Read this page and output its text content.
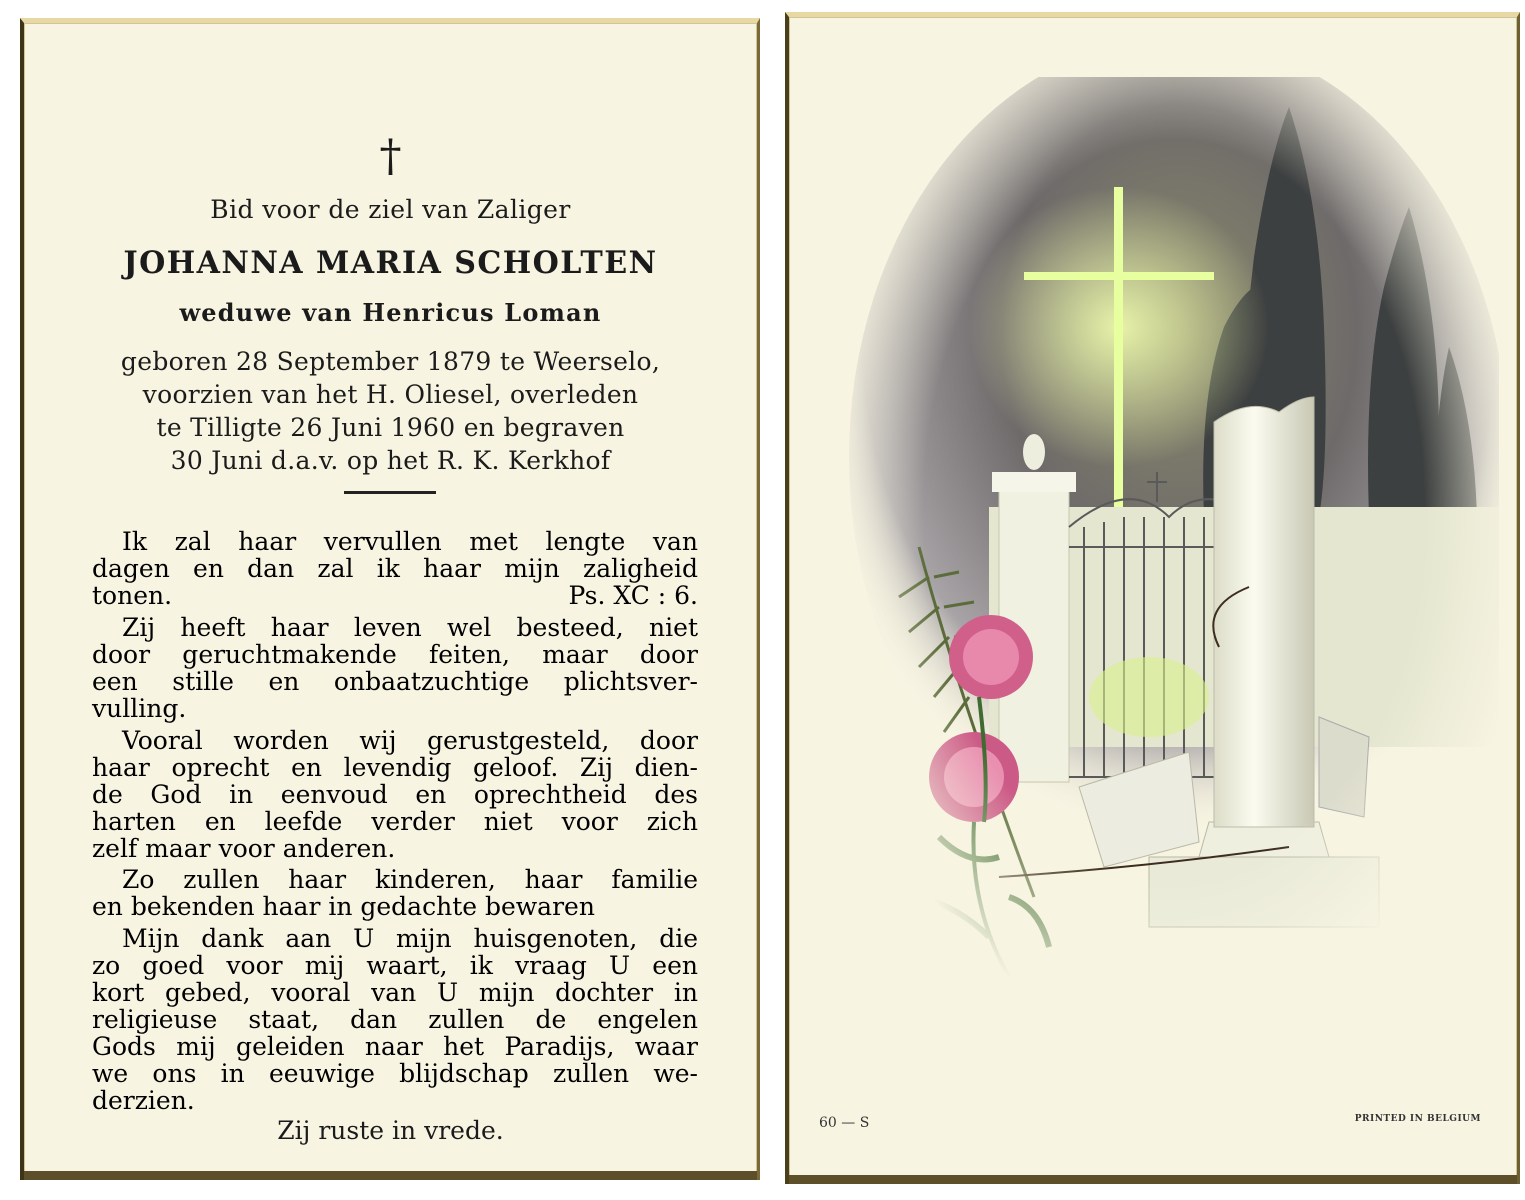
†
Bid voor de ziel van Zaliger
JOHANNA MARIA SCHOLTEN
weduwe van Henricus Loman
geboren 28 September 1879 te Weerselo,
voorzien van het H. Oliesel, overleden
te Tilligte 26 Juni 1960 en begraven
30 Juni d.a.v. op het R. K. Kerkhof
Ik zal haar vervullen met lengte van
dagen en dan zal ik haar mijn zaligheid
tonen.	Ps. XC : 6.
Zij heeft haar leven wel besteed, niet
door geruchtmakende feiten, maar door
een stille en onbaatzuchtige plichtsver-
vulling.
Vooral worden wij gerustgesteld, door
haar oprecht en levendig geloof. Zij dien-
de God in eenvoud en oprechtheid des
harten en leefde verder niet voor zich
zelf maar voor anderen.
Zo zullen haar kinderen, haar familie
en bekenden haar in gedachte bewaren
Mijn dank aan U mijn huisgenoten, die
zo goed voor mij waart, ik vraag U een
kort gebed, vooral van U mijn dochter in
religieuse staat, dan zullen de engelen
Gods mij geleiden naar het Paradijs, waar
we ons in eeuwige blijdschap zullen we-
derzien.
Zij ruste in vrede.	60 — S	PRINTED IN BELGIUM
